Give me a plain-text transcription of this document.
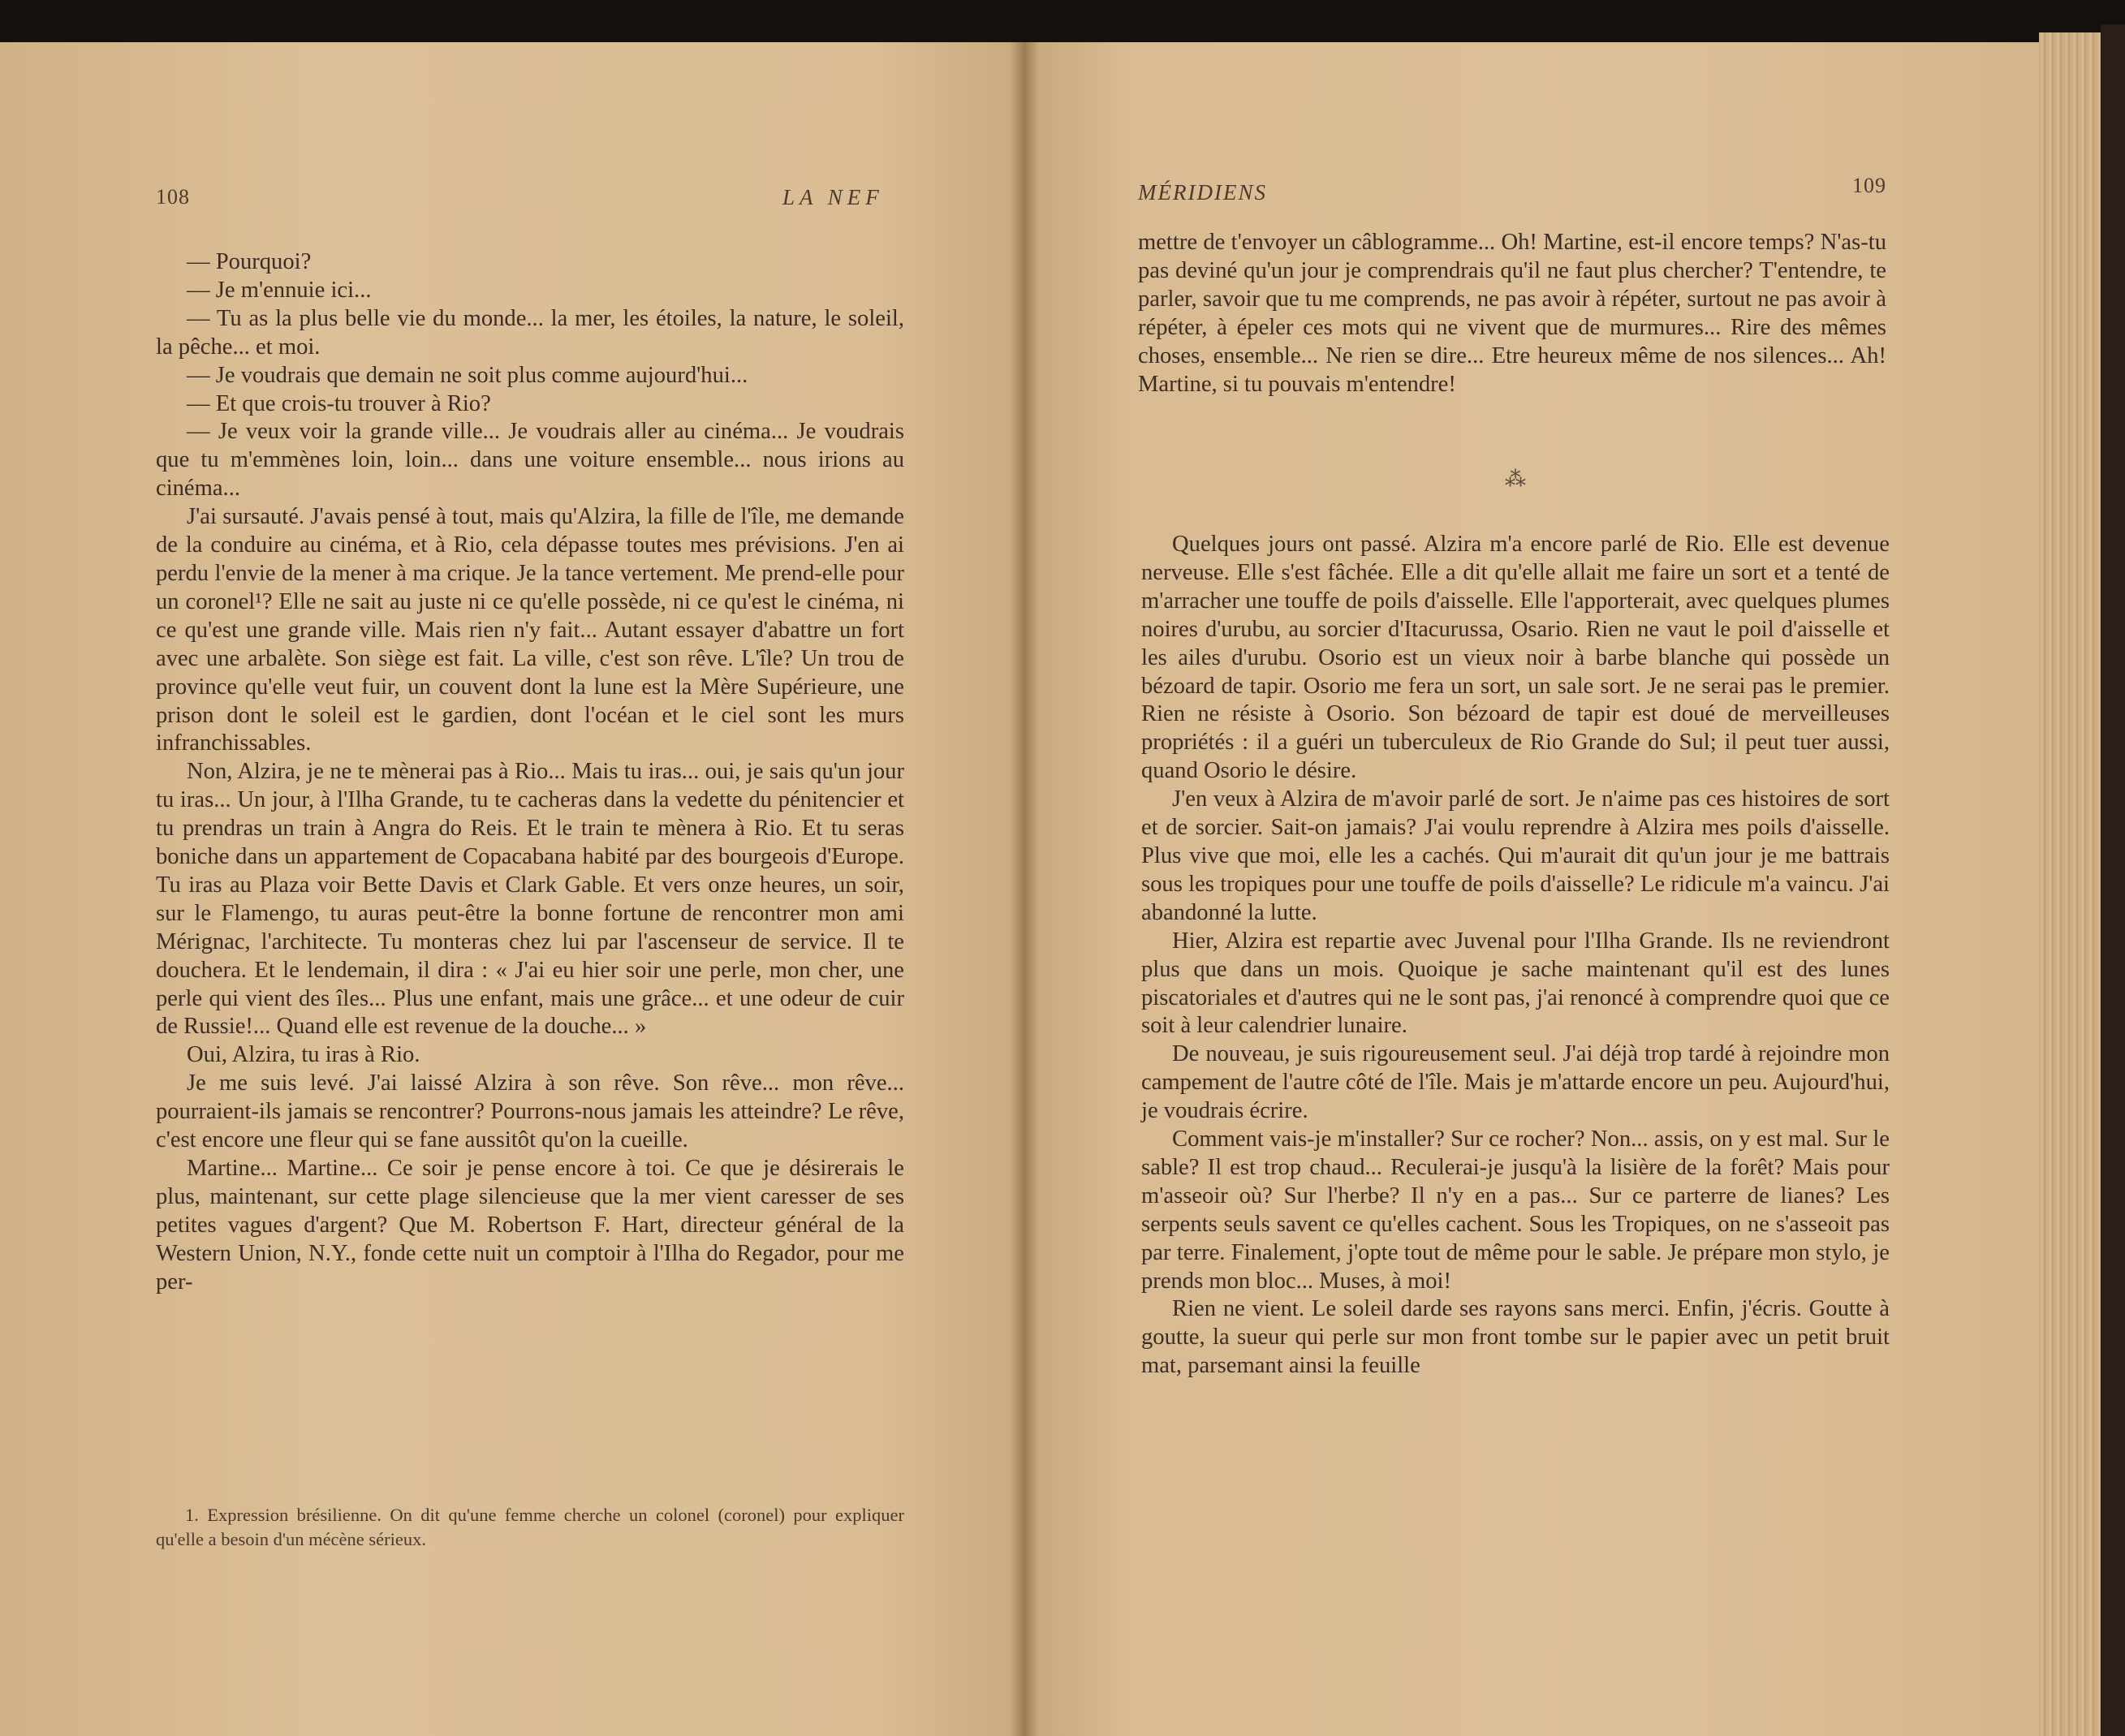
108	LA NEF

— Pourquoi?

— Je m'ennuie ici...

— Tu as la plus belle vie du monde... la mer, les étoiles, la nature, le soleil, la pêche... et moi.

— Je voudrais que demain ne soit plus comme aujourd'hui...

— Et que crois-tu trouver à Rio?

— Je veux voir la grande ville... Je voudrais aller au cinéma... Je voudrais que tu m'emmènes loin, loin... dans une voiture ensemble... nous irions au cinéma...

J'ai sursauté. J'avais pensé à tout, mais qu'Alzira, la fille de l'île, me demande de la conduire au cinéma, et à Rio, cela dépasse toutes mes prévisions. J'en ai perdu l'envie de la mener à ma crique. Je la tance vertement. Me prend-elle pour un coronel¹? Elle ne sait au juste ni ce qu'elle possède, ni ce qu'est le cinéma, ni ce qu'est une grande ville. Mais rien n'y fait... Autant essayer d'abattre un fort avec une arbalète. Son siège est fait. La ville, c'est son rêve. L'île? Un trou de province qu'elle veut fuir, un couvent dont la lune est la Mère Supérieure, une prison dont le soleil est le gardien, dont l'océan et le ciel sont les murs infranchissables.

Non, Alzira, je ne te mènerai pas à Rio... Mais tu iras... oui, je sais qu'un jour tu iras... Un jour, à l'Ilha Grande, tu te cacheras dans la vedette du pénitencier et tu prendras un train à Angra do Reis. Et le train te mènera à Rio. Et tu seras boniche dans un appartement de Copacabana habité par des bourgeois d'Europe. Tu iras au Plaza voir Bette Davis et Clark Gable. Et vers onze heures, un soir, sur le Flamengo, tu auras peut-être la bonne fortune de rencontrer mon ami Mérignac, l'architecte. Tu monteras chez lui par l'ascenseur de service. Il te douchera. Et le lendemain, il dira : « J'ai eu hier soir une perle, mon cher, une perle qui vient des îles... Plus une enfant, mais une grâce... et une odeur de cuir de Russie!... Quand elle est revenue de la douche... »

Oui, Alzira, tu iras à Rio.

Je me suis levé. J'ai laissé Alzira à son rêve. Son rêve... mon rêve... pourraient-ils jamais se rencontrer? Pourrons-nous jamais les atteindre? Le rêve, c'est encore une fleur qui se fane aussitôt qu'on la cueille.

Martine... Martine... Ce soir je pense encore à toi. Ce que je désirerais le plus, maintenant, sur cette plage silencieuse que la mer vient caresser de ses petites vagues d'argent? Que M. Robertson F. Hart, directeur général de la Western Union, N.Y., fonde cette nuit un comptoir à l'Ilha do Regador, pour me per-

1. Expression brésilienne. On dit qu'une femme cherche un colonel (coronel) pour expliquer qu'elle a besoin d'un mécène sérieux.

MÉRIDIENS	109

mettre de t'envoyer un câblogramme... Oh! Martine, est-il encore temps? N'as-tu pas deviné qu'un jour je comprendrais qu'il ne faut plus chercher? T'entendre, te parler, savoir que tu me comprends, ne pas avoir à répéter, surtout ne pas avoir à répéter, à épeler ces mots qui ne vivent que de murmures... Rire des mêmes choses, ensemble... Ne rien se dire... Etre heureux même de nos silences... Ah! Martine, si tu pouvais m'entendre!

⁂

Quelques jours ont passé. Alzira m'a encore parlé de Rio. Elle est devenue nerveuse. Elle s'est fâchée. Elle a dit qu'elle allait me faire un sort et a tenté de m'arracher une touffe de poils d'aisselle. Elle l'apporterait, avec quelques plumes noires d'urubu, au sorcier d'Itacurussa, Osario. Rien ne vaut le poil d'aisselle et les ailes d'urubu. Osorio est un vieux noir à barbe blanche qui possède un bézoard de tapir. Osorio me fera un sort, un sale sort. Je ne serai pas le premier. Rien ne résiste à Osorio. Son bézoard de tapir est doué de merveilleuses propriétés : il a guéri un tuberculeux de Rio Grande do Sul; il peut tuer aussi, quand Osorio le désire.

J'en veux à Alzira de m'avoir parlé de sort. Je n'aime pas ces histoires de sort et de sorcier. Sait-on jamais? J'ai voulu reprendre à Alzira mes poils d'aisselle. Plus vive que moi, elle les a cachés. Qui m'aurait dit qu'un jour je me battrais sous les tropiques pour une touffe de poils d'aisselle? Le ridicule m'a vaincu. J'ai abandonné la lutte.

Hier, Alzira est repartie avec Juvenal pour l'Ilha Grande. Ils ne reviendront plus que dans un mois. Quoique je sache maintenant qu'il est des lunes piscatoriales et d'autres qui ne le sont pas, j'ai renoncé à comprendre quoi que ce soit à leur calendrier lunaire.

De nouveau, je suis rigoureusement seul. J'ai déjà trop tardé à rejoindre mon campement de l'autre côté de l'île. Mais je m'attarde encore un peu. Aujourd'hui, je voudrais écrire.

Comment vais-je m'installer? Sur ce rocher? Non... assis, on y est mal. Sur le sable? Il est trop chaud... Reculerai-je jusqu'à la lisière de la forêt? Mais pour m'asseoir où? Sur l'herbe? Il n'y en a pas... Sur ce parterre de lianes? Les serpents seuls savent ce qu'elles cachent. Sous les Tropiques, on ne s'asseoit pas par terre. Finalement, j'opte tout de même pour le sable. Je prépare mon stylo, je prends mon bloc... Muses, à moi!

Rien ne vient. Le soleil darde ses rayons sans merci. Enfin, j'écris. Goutte à goutte, la sueur qui perle sur mon front tombe sur le papier avec un petit bruit mat, parsemant ainsi la feuille
